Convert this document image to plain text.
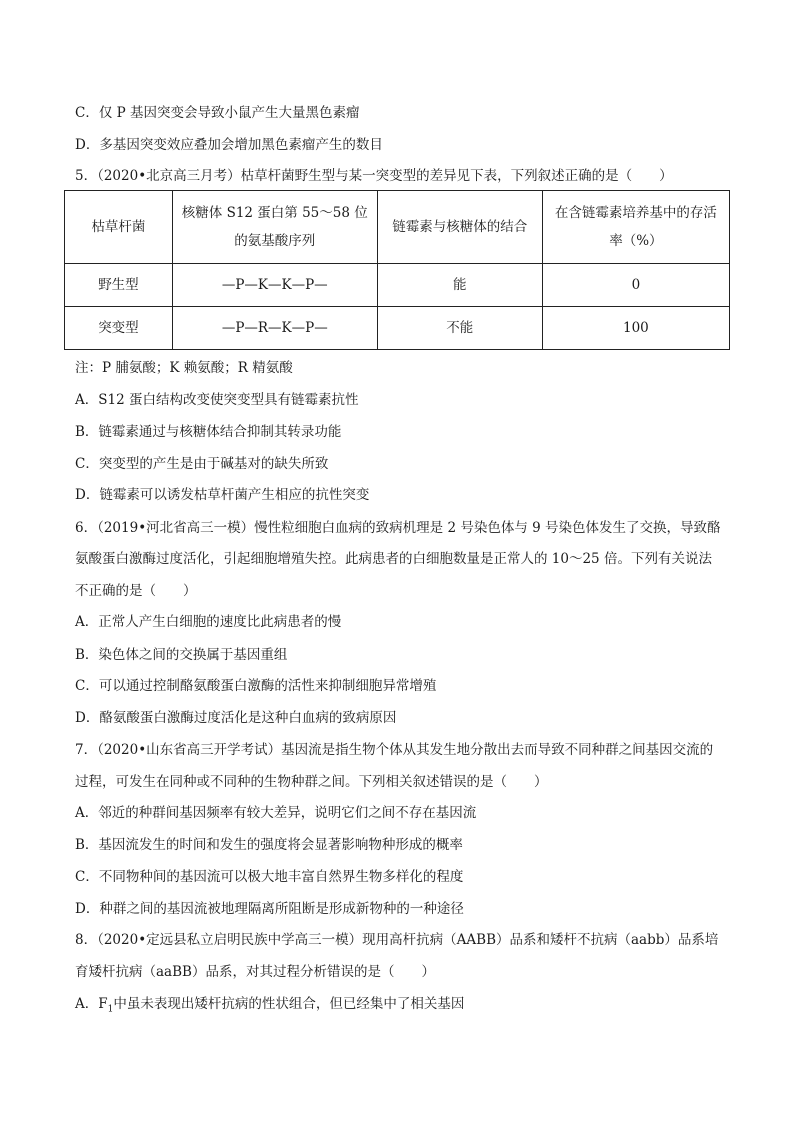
C．仅 P 基因突变会导致小鼠产生大量黑色素瘤
D．多基因突变效应叠加会增加黑色素瘤产生的数目
5．（2020•北京高三月考）枯草杆菌野生型与某一突变型的差异见下表，下列叙述正确的是（　　）
枯草杆菌	核糖体 S12 蛋白第 55～58 位的氨基酸序列	链霉素与核糖体的结合	在含链霉素培养基中的存活率（%）
野生型	—P—K—K—P—	能	0
突变型	—P—R—K—P—	不能	100
注：P 脯氨酸；K 赖氨酸；R 精氨酸
A．S12 蛋白结构改变使突变型具有链霉素抗性
B．链霉素通过与核糖体结合抑制其转录功能
C．突变型的产生是由于碱基对的缺失所致
D．链霉素可以诱发枯草杆菌产生相应的抗性突变
6．（2019•河北省高三一模）慢性粒细胞白血病的致病机理是 2 号染色体与 9 号染色体发生了交换，导致酪
氨酸蛋白激酶过度活化，引起细胞增殖失控。此病患者的白细胞数量是正常人的 10～25 倍。下列有关说法
不正确的是（　　）
A．正常人产生白细胞的速度比此病患者的慢
B．染色体之间的交换属于基因重组
C．可以通过控制酪氨酸蛋白激酶的活性来抑制细胞异常增殖
D．酪氨酸蛋白激酶过度活化是这种白血病的致病原因
7．（2020•山东省高三开学考试）基因流是指生物个体从其发生地分散出去而导致不同种群之间基因交流的
过程，可发生在同种或不同种的生物种群之间。下列相关叙述错误的是（　　）
A．邻近的种群间基因频率有较大差异，说明它们之间不存在基因流
B．基因流发生的时间和发生的强度将会显著影响物种形成的概率
C．不同物种间的基因流可以极大地丰富自然界生物多样化的程度
D．种群之间的基因流被地理隔离所阻断是形成新物种的一种途径
8．（2020•定远县私立启明民族中学高三一模）现用高杆抗病（AABB）品系和矮杆不抗病（aabb）品系培
育矮杆抗病（aaBB）品系，对其过程分析错误的是（　　）
A．$F_1$中虽未表现出矮杆抗病的性状组合，但已经集中了相关基因
